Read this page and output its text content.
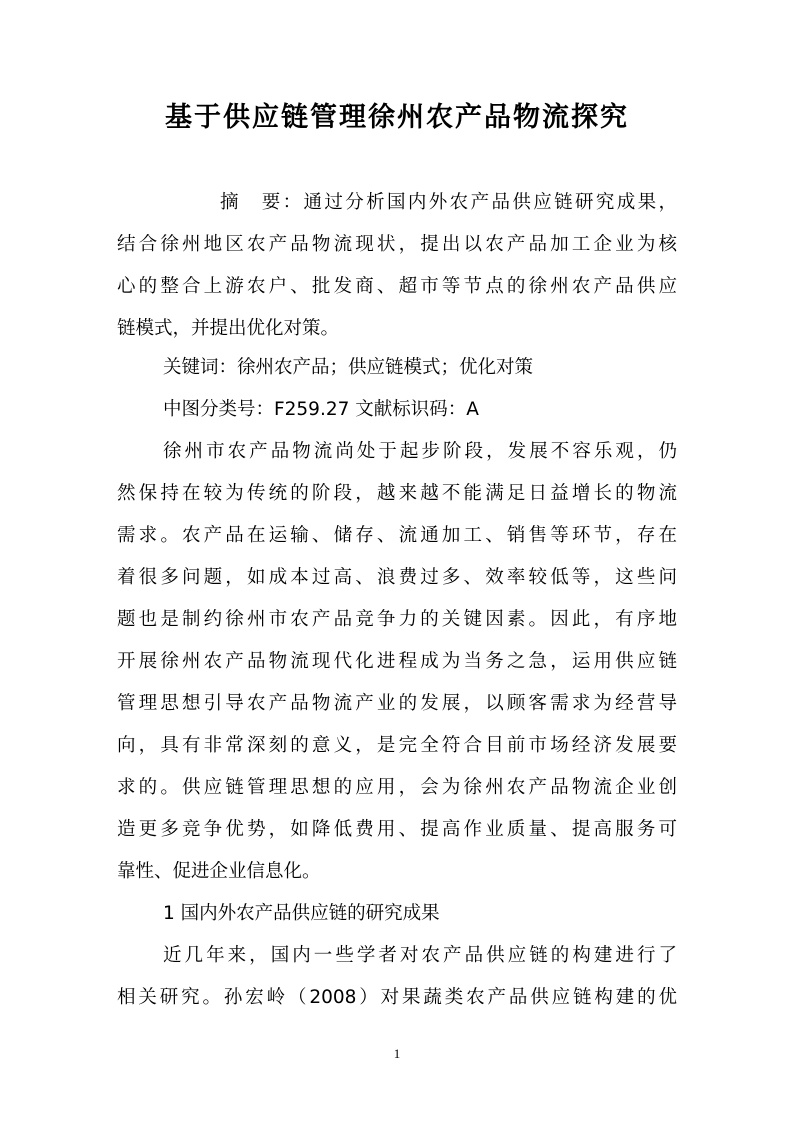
基于供应链管理徐州农产品物流探究
摘　要：通过分析国内外农产品供应链研究成果，
结合徐州地区农产品物流现状，提出以农产品加工企业为核
心的整合上游农户、批发商、超市等节点的徐州农产品供应
链模式，并提出优化对策。
关键词：徐州农产品；供应链模式；优化对策
中图分类号：F259.27 文献标识码：A
徐州市农产品物流尚处于起步阶段，发展不容乐观，仍
然保持在较为传统的阶段，越来越不能满足日益增长的物流
需求。农产品在运输、储存、流通加工、销售等环节，存在
着很多问题，如成本过高、浪费过多、效率较低等，这些问
题也是制约徐州市农产品竞争力的关键因素。因此，有序地
开展徐州农产品物流现代化进程成为当务之急，运用供应链
管理思想引导农产品物流产业的发展，以顾客需求为经营导
向，具有非常深刻的意义，是完全符合目前市场经济发展要
求的。供应链管理思想的应用，会为徐州农产品物流企业创
造更多竞争优势，如降低费用、提高作业质量、提高服务可
靠性、促进企业信息化。
1 国内外农产品供应链的研究成果
近几年来，国内一些学者对农产品供应链的构建进行了
相关研究。孙宏岭（2008）对果蔬类农产品供应链构建的优
1
